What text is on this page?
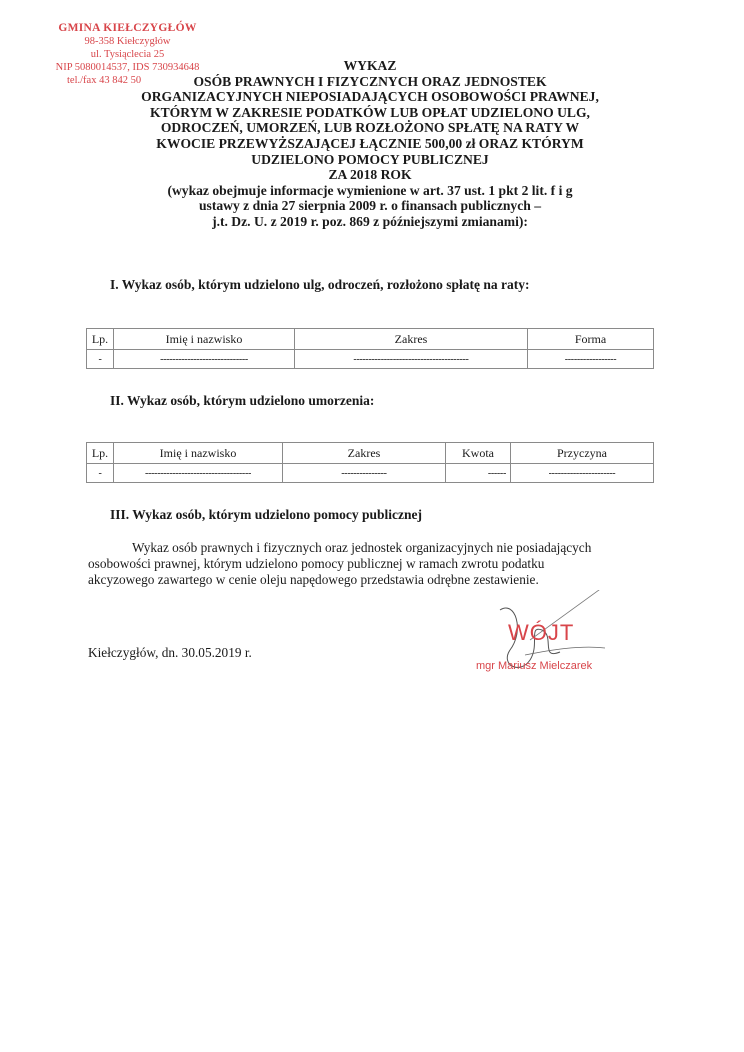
GMINA KIEŁCZYGŁÓW
98-358 Kiełczygłów
ul. Tysiąclecia 25
NIP 5080014537, IDS 730934648
tel./fax 43 842 50
WYKAZ
OSÓB PRAWNYCH I FIZYCZNYCH ORAZ JEDNOSTEK
ORGANIZACYJNYCH NIEPOSIADAJĄCYCH OSOBOWOŚCI PRAWNEJ,
KTÓRYM W ZAKRESIE PODATKÓW LUB OPŁAT UDZIELONO ULG,
ODROCZEŃ, UMORZEŃ, LUB ROZŁOŻONO SPŁATĘ NA RATY W
KWOCIE PRZEWYŻSZAJĄCEJ ŁĄCZNIE 500,00 zł ORAZ KTÓRYM
UDZIELONO POMOCY PUBLICZNEJ
ZA 2018 ROK
(wykaz obejmuje informacje wymienione w art. 37 ust. 1 pkt 2 lit. f i g
ustawy z dnia 27 sierpnia 2009 r. o finansach publicznych –
j.t. Dz. U. z 2019 r. poz. 869 z późniejszymi zmianami):
I. Wykaz osób, którym udzielono ulg, odroczeń, rozłożono spłatę na raty:
Lp.	Imię i nazwisko	Zakres	Forma
-	-----------------------------	--------------------------------------	-----------------
II. Wykaz osób, którym udzielono umorzenia:
Lp.	Imię i nazwisko	Zakres	Kwota	Przyczyna
-	-----------------------------------	---------------	------	----------------------
III. Wykaz osób, którym udzielono pomocy publicznej
Wykaz osób prawnych i fizycznych oraz jednostek organizacyjnych nie posiadających
osobowości prawnej, którym udzielono pomocy publicznej w ramach zwrotu podatku
akcyzowego zawartego w cenie oleju napędowego przedstawia odrębne zestawienie.
Kiełczygłów, dn. 30.05.2019 r.
WÓJT
mgr Mariusz Mielczarek
